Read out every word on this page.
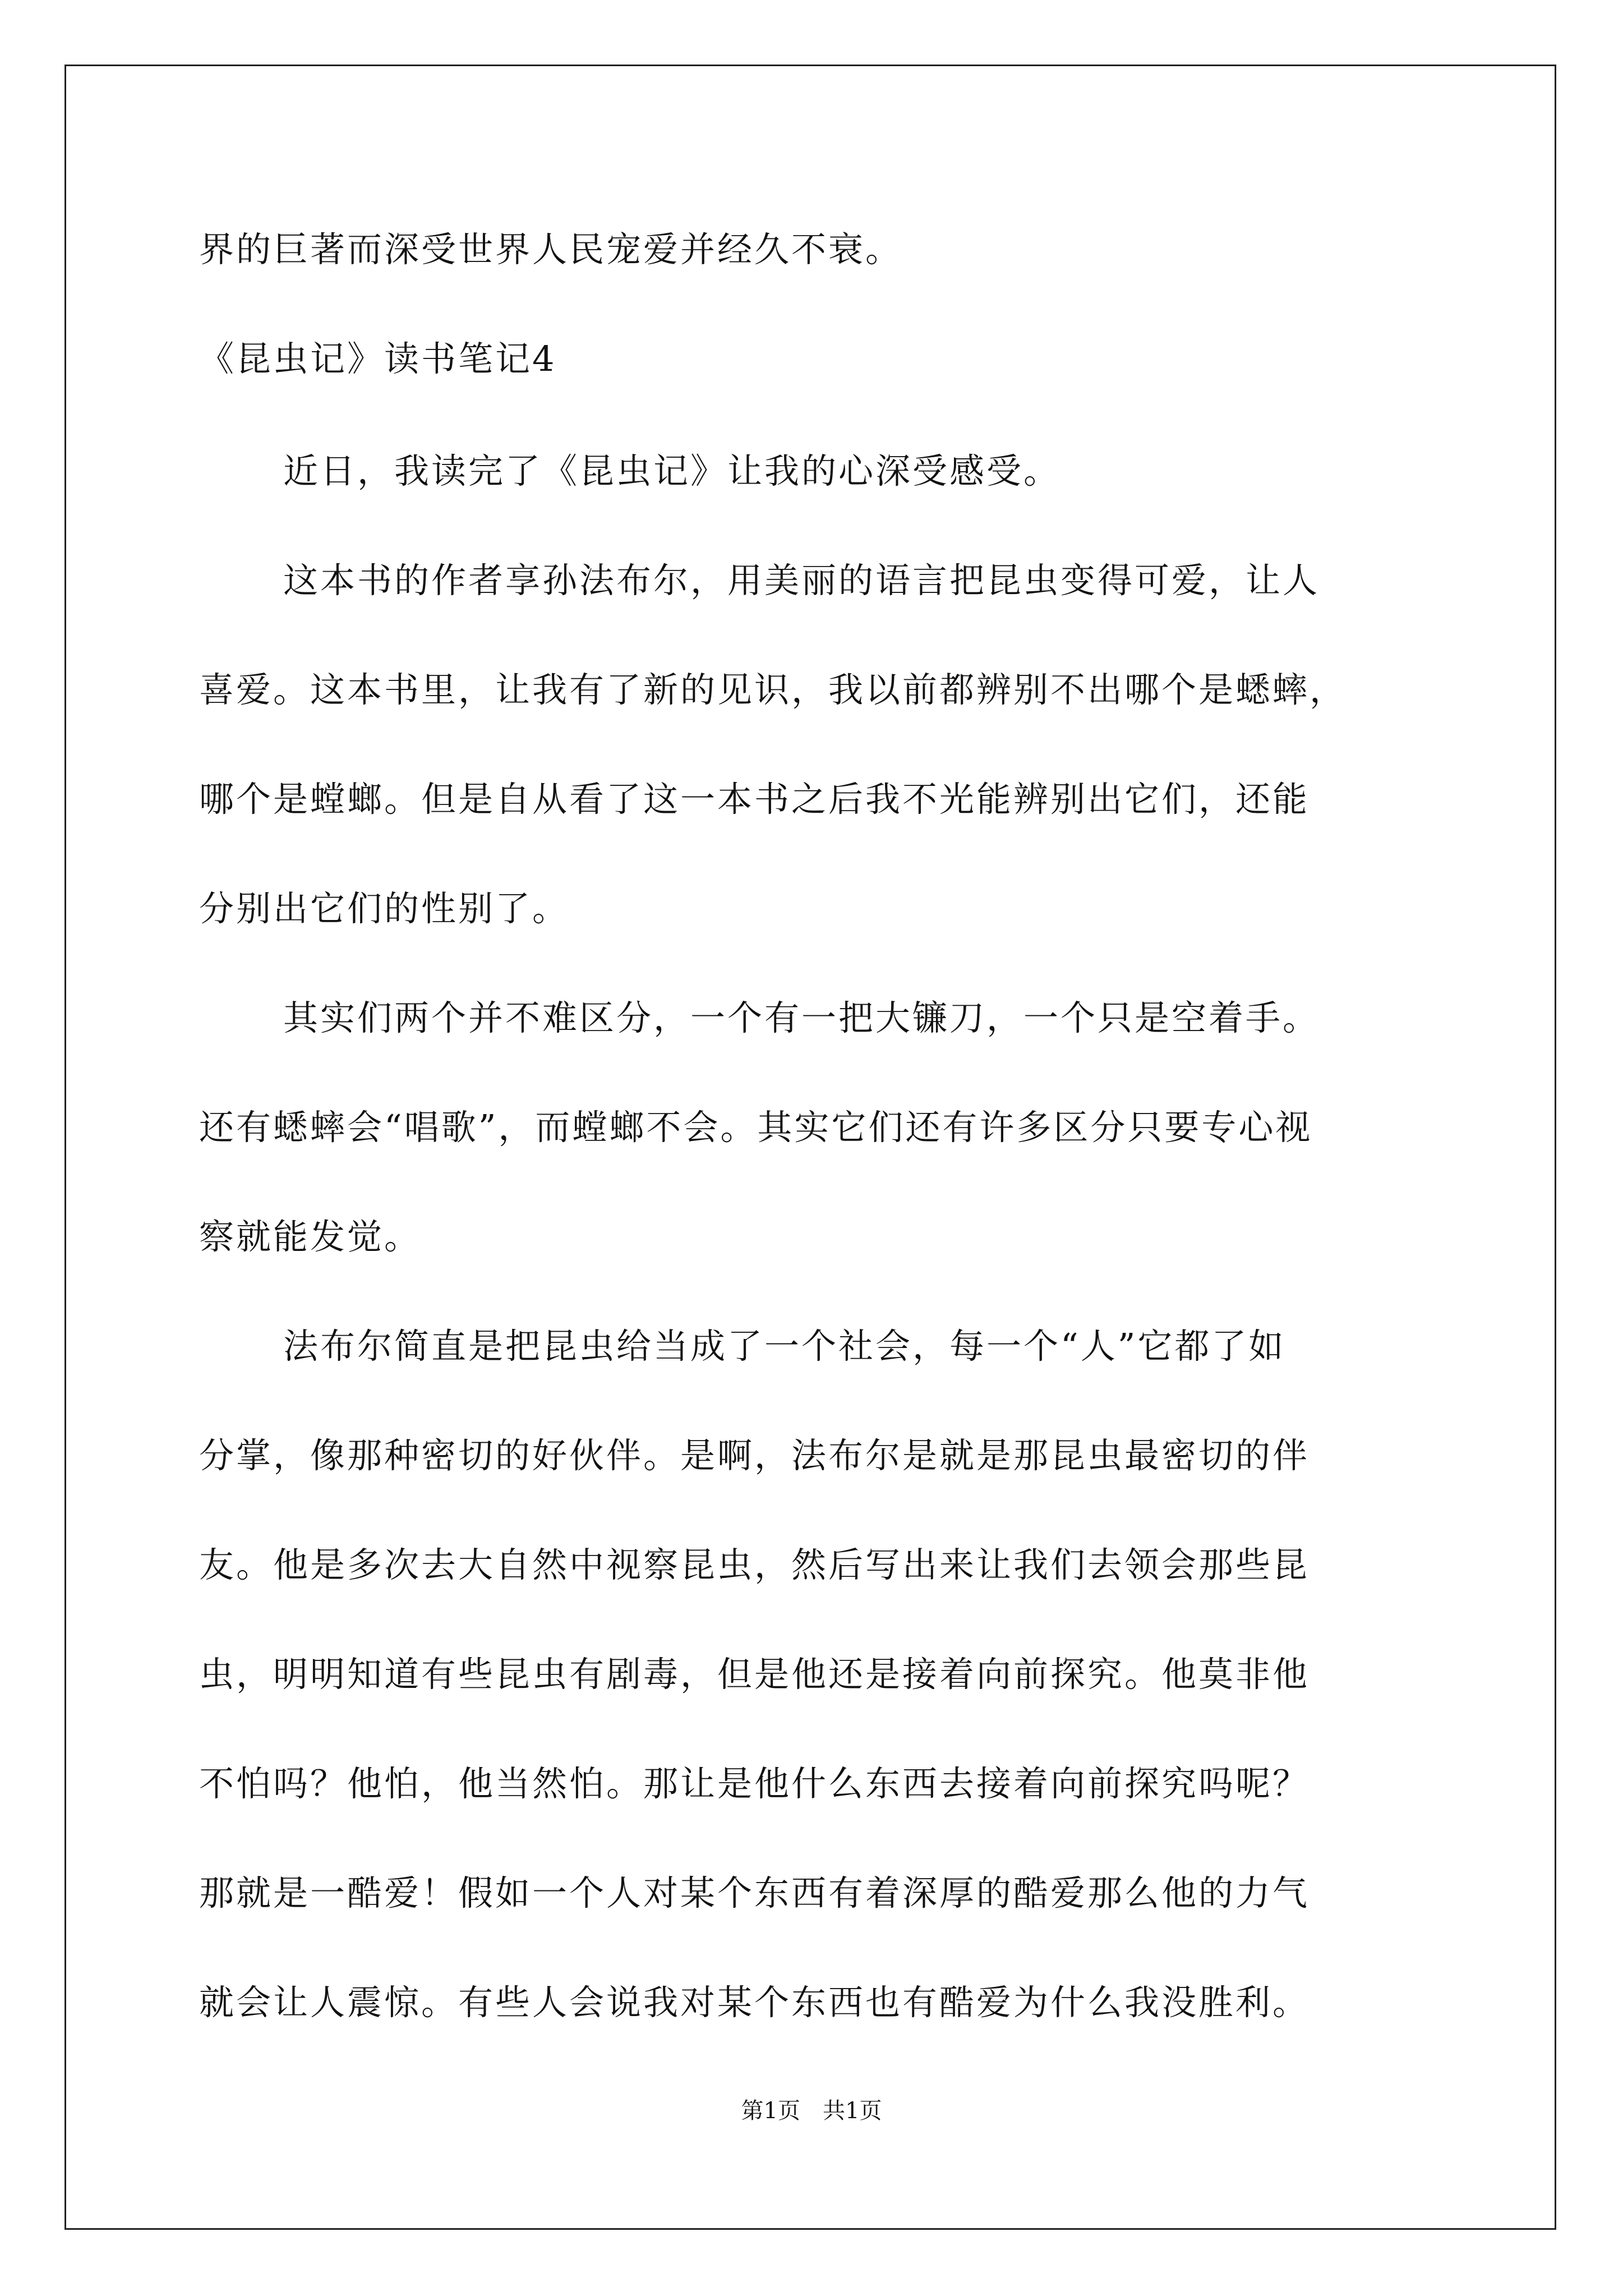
界的巨著而深受世界人民宠爱并经久不衰。
《昆虫记》读书笔记4
近日，我读完了《昆虫记》让我的心深受感受。
这本书的作者享孙法布尔，用美丽的语言把昆虫变得可爱，让人
喜爱。这本书里，让我有了新的见识，我以前都辨别不出哪个是蟋蟀，
哪个是螳螂。但是自从看了这一本书之后我不光能辨别出它们，还能
分别出它们的性别了。
其实们两个并不难区分，一个有一把大镰刀，一个只是空着手。
还有蟋蟀会“唱歌”，而螳螂不会。其实它们还有许多区分只要专心视
察就能发觉。
法布尔简直是把昆虫给当成了一个社会，每一个“人”它都了如
分掌，像那种密切的好伙伴。是啊，法布尔是就是那昆虫最密切的伴
友。他是多次去大自然中视察昆虫，然后写出来让我们去领会那些昆
虫，明明知道有些昆虫有剧毒，但是他还是接着向前探究。他莫非他
不怕吗？他怕，他当然怕。那让是他什么东西去接着向前探究吗呢？
那就是一酷爱！假如一个人对某个东西有着深厚的酷爱那么他的力气
就会让人震惊。有些人会说我对某个东西也有酷爱为什么我没胜利。
第1页　共1页
